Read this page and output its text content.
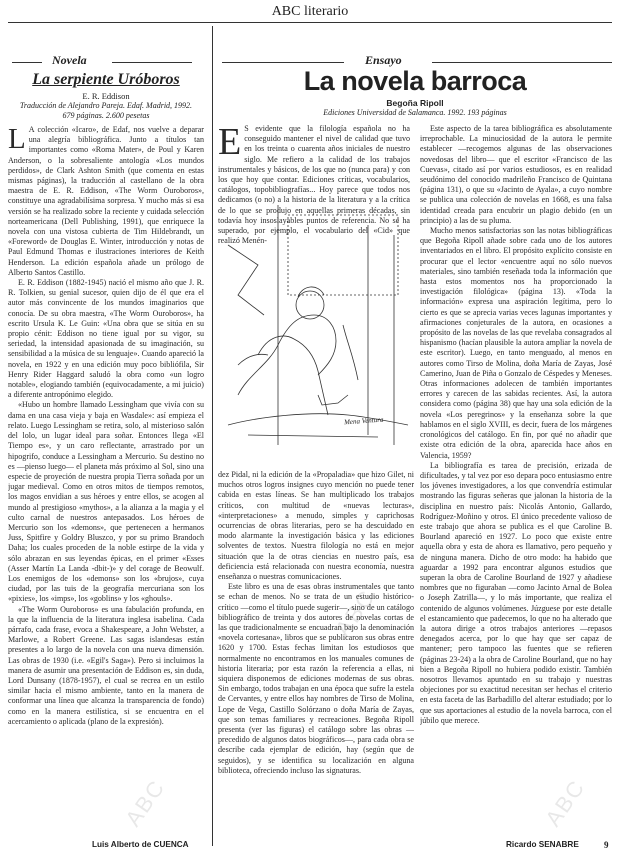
ABC literario
Novela
La serpiente Uróboros
E. R. Eddison
Traducción de Alejandro Pareja. Edaf. Madrid, 1992. 679 páginas. 2.600 pesetas
L A colección «Icaro», de Edaf, nos vuelve a deparar una alegría bibliográfica. Junto a títulos tan importantes como «Roma Mater», de Poul y Karen Anderson, o la sobresaliente antología «Los mundos perdidos», de Clark Ashton Smith (que comenta en estas mismas páginas), la traducción al castellano de la obra maestra de E. R. Eddison, «The Worm Ouroboros», constituye una agradabilísima sorpresa. Y mucho más si esa versión se ha realizado sobre la reciente y cuidada selección norteamericana (Dell Publishing, 1991), que enriquece la novela con una vistosa cubierta de Tim Hildebrandt, un «Foreword» de Douglas E. Winter, introducción y notas de Paul Edmund Thomas e ilustraciones interiores de Keith Henderson. La edición española añade un prólogo de Alberto Santos Castillo.

E. R. Eddison (1882-1945) nació el mismo año que J. R. R. Tolkien, su genial sucesor, quien dijo de él que era el autor más convincente de los mundos imaginarios que conocía. De su obra maestra, «The Worm Ouroboros», ha escrito Ursula K. Le Guin: «Una obra que se sitúa en su propio cénit: Eddison no tiene igual por su vigor, su seriedad, la intensidad apasionada de su imaginación, su sensibilidad a la música de su lenguaje». Cuando apareció la novela, en 1922 y en una edición muy poco bibliófila, Sir Henry Rider Haggard saludó la obra como «un logro notable», elogiando también (equivocadamente, a mi juicio) a diferente antropónimo elegido.

«Hubo un hombre llamado Lessingham que vivía con su dama en una casa vieja y baja en Wasdale»: así empieza el relato. Luego Lessingham se retira, solo, al misterioso salón del lolo, un lugar ideal para soñar. Entonces llega «El Tiempo es», y un caro reflectante, arrastrado por un hipogrifo, conduce a Lessingham a Mercurio. Su destino no es —pienso luego— el planeta más próximo al Sol, sino una especie de proyeción de nuestra propia Tierra soñada por un jugar medieval. Como en otros mitos de tiempos remotos, los magos envidian a sus héroes y entre ellos, se acogen al mundo al prestigioso «mythos», a la alianza a la magia y el culto carnal de nuestros antepasados. Los héroes de Mercurio son los «demons», que pertenecen a hermanos Juss, Spitfire y Goldry Bluszco, y por su primo Brandoch Daha; los cuales proceden de la noble estirpe de la vida y sólo abrazan en sus leyendas épicas, en el primer «Esses (Asser Martín La Landa -dbit-)» y del corage de Beowulf. Los enemigos de los «demons» son los «brujos», cuya ciudad, por las tuis de la geografía mercuriana son los «pixies», los «imps», los «goblins» y los «ghouls».

«The Worm Ouroboros» es una fabulación profunda, en la que la influencia de la literatura inglesa isabelina. Cada párrafo, cada frase, evoca a Shakespeare, a John Webster, a Marlowe, a Robert Greene. Las sagas islandesas están presentes a lo largo de la novela con una nueva dimensión. Las obras de 1930 (i.e. «Egil's Saga»). Pero si incluimos la manera de asumir una presentación de Eddison es, sin duda, Lord Dunsany (1878-1957), el cual se recrea en un estilo similar hacia el mismo ambiente, tanto en la manera de conformar una línea que alcanza la transparencia de fondo) como en la manera estilística, si se encuentra en el acercamiento o aplicada (plano de la expresión).

Luis Alberto de CUENCA
Ensayo
La novela barroca
Begoña Ripoll
Ediciones Universidad de Salamanca. 1992. 193 páginas
E S evidente que la filología española no ha conseguido mantener el nivel de calidad que tuvo en los treinta o cuarenta años iniciales de nuestro siglo. Me refiero a la calidad de los trabajos instrumentales y básicos, de los que no (nunca para) y con los que hoy que contar. Ediciones críticas, vocabularios, catálogos, topobibliografías... Hoy parece que todos nos dedicamos (o no) a la historia de la literatura y a la crítica de lo que se produjo en aquellas primeras décadas, sin todavía hoy insoslayables puntos de referencia. No se ha superado, por ejemplo, el vocabulario del «Cid» que realizó Menén-

Mena Ventura

dez Pidal, ni la edición de la «Propaladia» que hizo Gilet, ni muchos otros logros insignes cuyo mención no puede tener cabida en estas líneas. Se han multiplicado los trabajos críticos, con multitud de «nuevas lecturas», «interpretaciones» a menudo, simples y caprichosas ocurrencias de obras literarias, pero se ha descuidado en modo alarmante la investigación básica y las ediciones solventes de textos. Nuestra filología no está en mejor situación que la de otras ciencias en nuestro país, esa deficiencia está relacionada con nuestra economía, nuestra enseñanza o nuestras comunicaciones.

Este libro es una de esas obras instrumentales que tanto se echan de menos. No se trata de un estudio histórico-crítico —como el título puede sugerir—, sino de un catálogo bibliográfico de treinta y dos autores de novelas cortas de las que tradicionalmente se encuadran bajo la denominación «novela cortesana», libros que se publicaron sus obras entre 1620 y 1700. Estas fechas limitan los estudiosos que normalmente no encontramos en los manuales comunes de historia literaria; por esta razón la referencia a ellas, ni siquiera disponemos de ediciones modernas de sus obras. Sin embargo, todos trabajan en una época que sufre la estela de Cervantes, y entre ellos hay nombres de Tirso de Molina, Lope de Vega, Castillo Solórzano o doña María de Zayas, que son temas familiares y recreaciones. Begoña Ripoll presenta (ver las figuras) el catálogo sobre las obras —precedido de algunos datos biográficos—, para cada obra se describe cada ejemplar de edición, hay (según que de seguidos), y se identifica su localización en alguna biblioteca, ofreciendo incluso las signaturas.

Este aspecto de la tarea bibliográfica es absolutamente irreprochable. La minuciosidad de la autora le permite establecer —recogemos algunas de las observaciones novedosas del libro— que el escritor «Francisco de las Cuevas», citado así por varios estudiosos, es en realidad seudónimo del conocido madrileño Francisco de Quintana (página 131), o que su «Jacinto de Ayala», a cuyo nombre se publica una colección de novelas en 1668, es una falsa identidad creada para encubrir un plagio debido (en un principio) a las de su pluma.

Mucho menos satisfactorias son las notas bibliográficas que Begoña Ripoll añade sobre cada uno de los autores inventariados en el libro. El propósito explícito consiste en procurar que el lector «encuentre aquí no sólo nuevos materiales, sino también reseñada toda la información que hasta estos momentos nos ha proporcionado la investigación filológica» (página 13). «Toda la información» expresa una aspiración legítima, pero lo cierto es que se aprecia varias veces lagunas importantes y afirmaciones conjeturales de la autora, en ocasiones a propósito de las novelas de las que revelaba consagrados al hispanismo (hacían plausible la autora ampliar la novela de este escritor). Luego, en tanto menguado, al menos en autores como Tirso de Molina, doña María de Zayas, José Camerino, Juan de Piña o Gonzalo de Céspedes y Meneses. Otras informaciones adolecen de también importantes errores y carecen de las sabidas recientes. Así, la autora considera como (página 38) que hay una sola edición de la novela «Los peregrinos» y la enseñanza sobre la que hablamos en el siglo XVIII, es decir, fuera de los márgenes cronológicos del catálogo. En fin, por qué no añadir que existe otra edición de la obra, aparecida hace años en Valencia, 1959?

La bibliografía es tarea de precisión, erizada de dificultades, y tal vez por eso depara poco entusiasmo entre los jóvenes investigadores, a los que convendría estimular mostrando las figuras señeras que jalonan la historia de la disciplina en nuestro país: Nicolás Antonio, Gallardo, Rodríguez-Moñino y otros. El único precedente valioso de este trabajo que ahora se publica es el que Caroline B. Bourland apareció en 1927. Lo poco que existe entre aquella obra y esta de ahora es llamativo, pero pequeño y de ninguna manera. Dicho de otro modo: ha habido que aguardar a 1992 para encontrar algunos estudios que superan la obra de Caroline Bourland de 1927 y añadiese nombres que no figuraban —como Jacinto Arnal de Bolea o Joseph Zatrilla—, y lo más importante, que realiza el contenido de algunos volúmenes. Júzguese por este detalle el estancamiento que padecemos, lo que no ha alterado que la autora dirige a otros trabajos anteriores —repasos denegados acerca, por lo que hay que ser capaz de mantener; pero tampoco las fuentes que se refieren (páginas 23-24) a la obra de Caroline Bourland, que no hay bien a Begoña Ripoll no hubiera podido existir. También nosotros llevamos apuntado en su trabajo y nuestras objeciones por su exactitud necesitan ser hechas el criterio en esta faceta de las Barbadillo del alterar estudiado; por lo que sus aportaciones al estudio de la novela barroca, con el júbilo que merece.

Ricardo SENABRE	9
ABC
ABC
ABC
